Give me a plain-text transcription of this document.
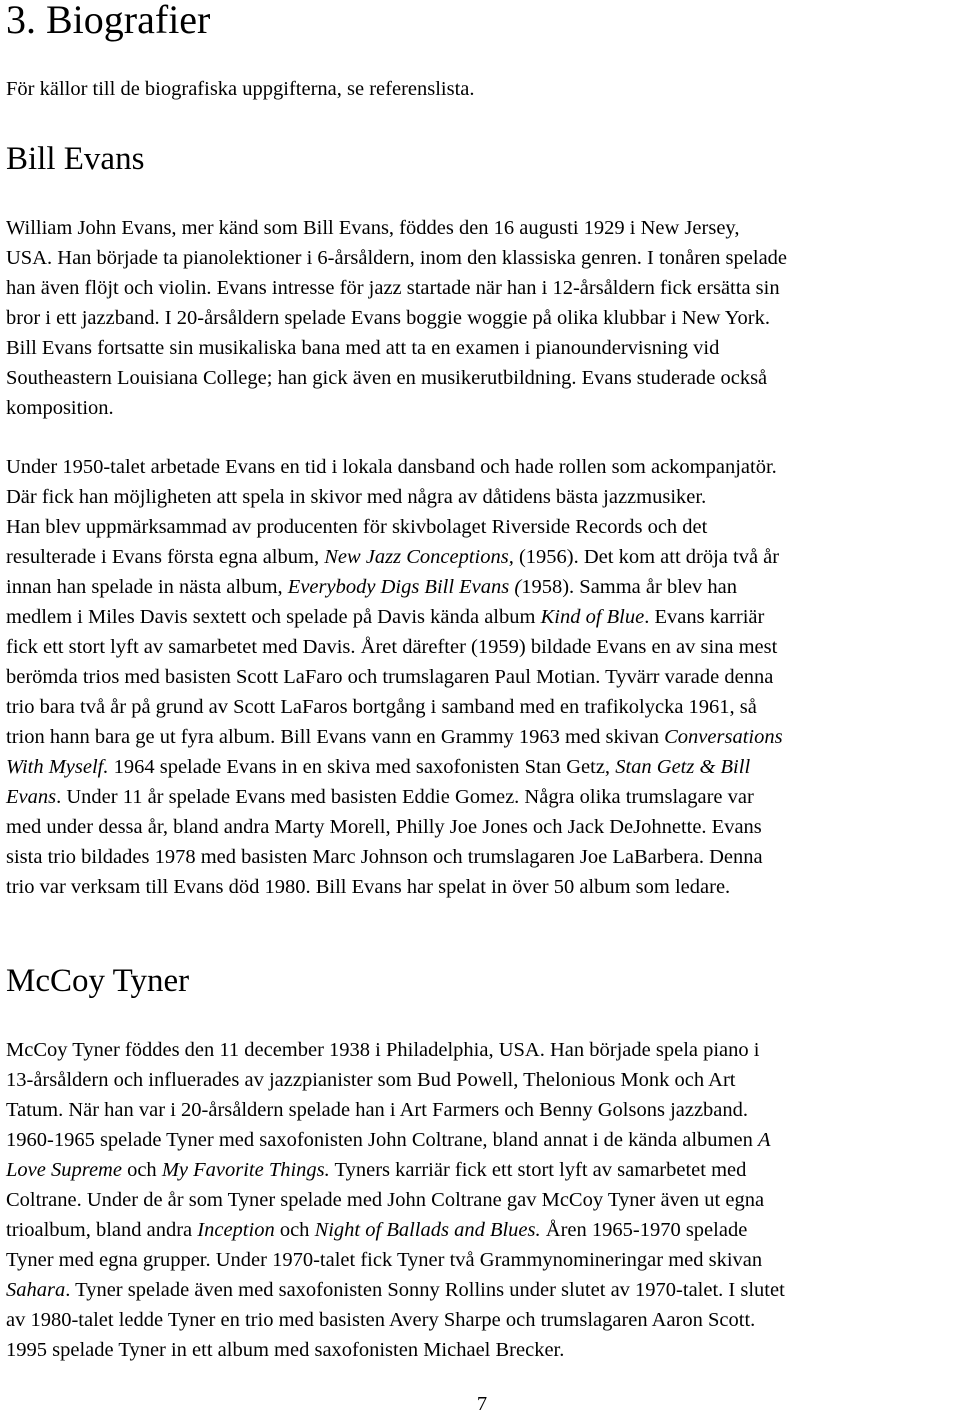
3. Biografier

För källor till de biografiska uppgifterna, se referenslista.

Bill Evans
William John Evans, mer känd som Bill Evans, föddes den 16 augusti 1929 i New Jersey,
USA. Han började ta pianolektioner i 6-årsåldern, inom den klassiska genren. I tonåren spelade
han även flöjt och violin. Evans intresse för jazz startade när han i 12-årsåldern fick ersätta sin
bror i ett jazzband. I 20-årsåldern spelade Evans boggie woggie på olika klubbar i New York.
Bill Evans fortsatte sin musikaliska bana med att ta en examen i pianoundervisning vid
Southeastern Louisiana College; han gick även en musikerutbildning. Evans studerade också
komposition.
Under 1950-talet arbetade Evans en tid i lokala dansband och hade rollen som ackompanjatör.
Där fick han möjligheten att spela in skivor med några av dåtidens bästa jazzmusiker.
Han blev uppmärksammad av producenten för skivbolaget Riverside Records och det
resulterade i Evans första egna album, New Jazz Conceptions, (1956). Det kom att dröja två år
innan han spelade in nästa album, Everybody Digs Bill Evans (1958). Samma år blev han
medlem i Miles Davis sextett och spelade på Davis kända album Kind of Blue. Evans karriär
fick ett stort lyft av samarbetet med Davis. Året därefter (1959) bildade Evans en av sina mest
berömda trios med basisten Scott LaFaro och trumslagaren Paul Motian. Tyvärr varade denna
trio bara två år på grund av Scott LaFaros bortgång i samband med en trafikolycka 1961, så
trion hann bara ge ut fyra album. Bill Evans vann en Grammy 1963 med skivan Conversations
With Myself. 1964 spelade Evans in en skiva med saxofonisten Stan Getz, Stan Getz & Bill
Evans. Under 11 år spelade Evans med basisten Eddie Gomez. Några olika trumslagare var
med under dessa år, bland andra Marty Morell, Philly Joe Jones och Jack DeJohnette. Evans
sista trio bildades 1978 med basisten Marc Johnson och trumslagaren Joe LaBarbera. Denna
trio var verksam till Evans död 1980. Bill Evans har spelat in över 50 album som ledare.
McCoy Tyner
McCoy Tyner föddes den 11 december 1938 i Philadelphia, USA. Han började spela piano i
13-årsåldern och influerades av jazzpianister som Bud Powell, Thelonious Monk och Art
Tatum. När han var i 20-årsåldern spelade han i Art Farmers och Benny Golsons jazzband.
1960-1965 spelade Tyner med saxofonisten John Coltrane, bland annat i de kända albumen A
Love Supreme och My Favorite Things. Tyners karriär fick ett stort lyft av samarbetet med
Coltrane. Under de år som Tyner spelade med John Coltrane gav McCoy Tyner även ut egna
trioalbum, bland andra Inception och Night of Ballads and Blues. Åren 1965-1970 spelade
Tyner med egna grupper. Under 1970-talet fick Tyner två Grammynomineringar med skivan
Sahara. Tyner spelade även med saxofonisten Sonny Rollins under slutet av 1970-talet. I slutet
av 1980-talet ledde Tyner en trio med basisten Avery Sharpe och trumslagaren Aaron Scott.
1995 spelade Tyner in ett album med saxofonisten Michael Brecker.
7
